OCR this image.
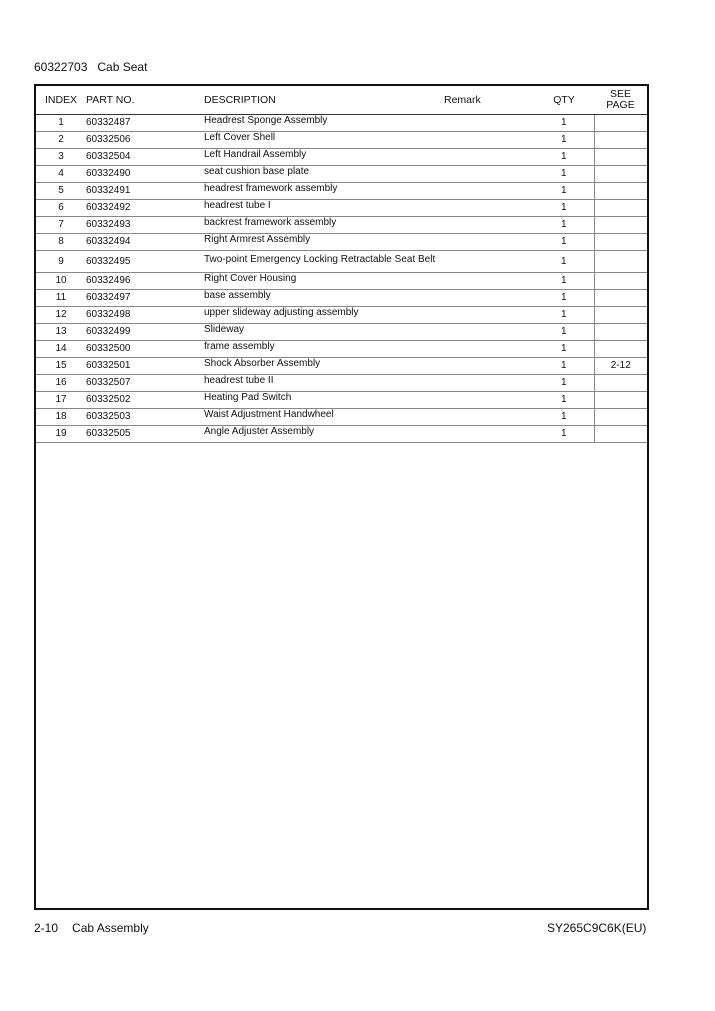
60322703 Cab Seat
INDEX	PART NO.	DESCRIPTION	Remark	QTY	SEE
PAGE
1	60332487	Headrest Sponge Assembly		1	
2	60332506	Left Cover Shell		1	
3	60332504	Left Handrail Assembly		1	
4	60332490	seat cushion base plate		1	
5	60332491	headrest framework assembly		1	
6	60332492	headrest tube I		1	
7	60332493	backrest framework assembly		1	
8	60332494	Right Armrest Assembly		1	
9	60332495	Two-point Emergency Locking Retractable Seat Belt		1	
10	60332496	Right Cover Housing		1	
11	60332497	base assembly		1	
12	60332498	upper slideway adjusting assembly		1	
13	60332499	Slideway		1	
14	60332500	frame assembly		1	
15	60332501	Shock Absorber Assembly		1	2-12
16	60332507	headrest tube II		1	
17	60332502	Heating Pad Switch		1	
18	60332503	Waist Adjustment Handwheel		1	
19	60332505	Angle Adjuster Assembly		1	
2-10 Cab Assembly	SY265C9C6K(EU)
